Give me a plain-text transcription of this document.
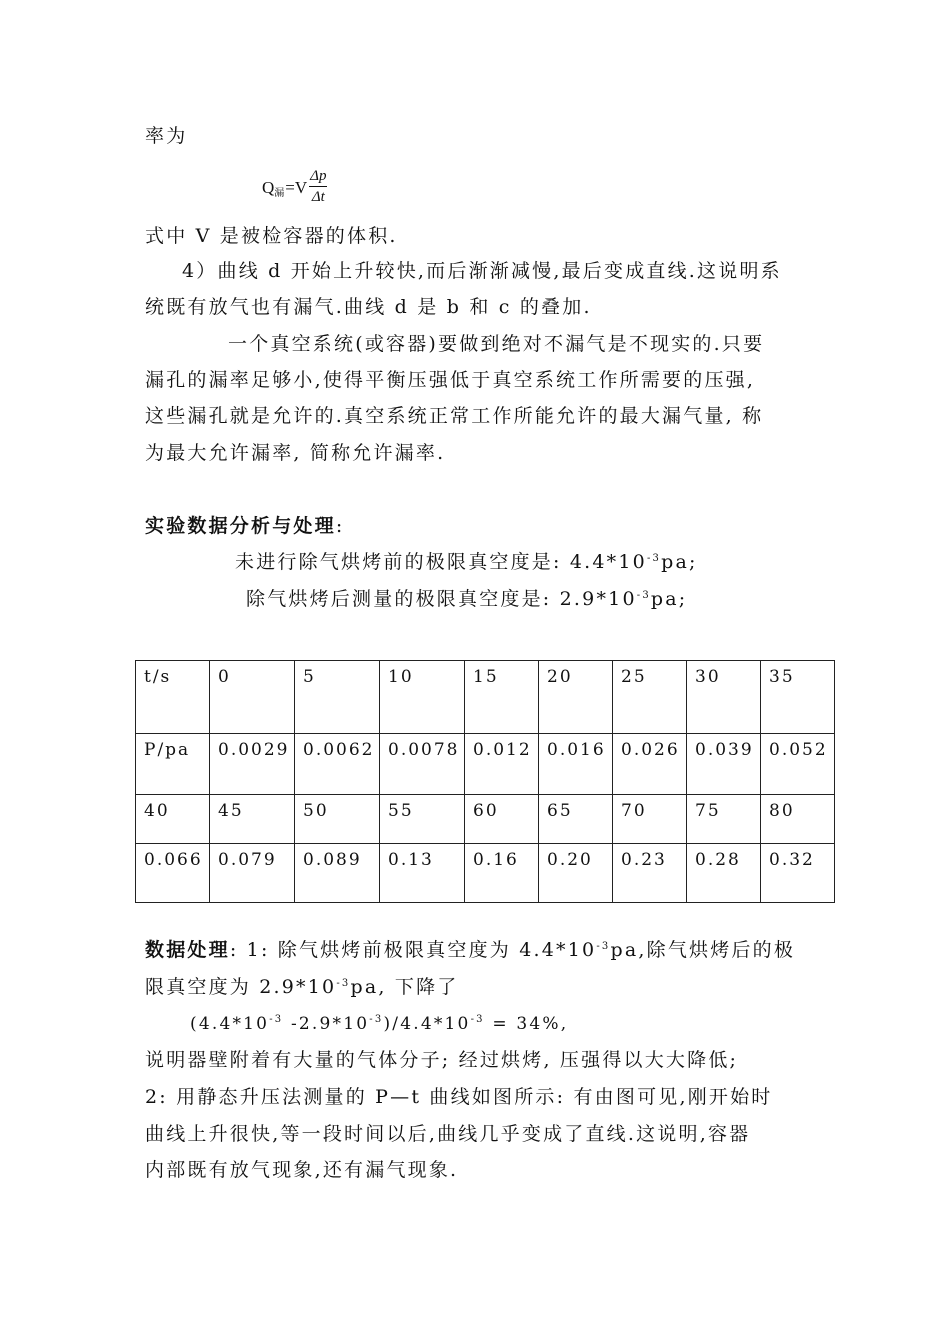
率为
Q 漏 $=V \frac{\Delta p}{\Delta t}$
式中 V 是被检容器的体积.
4）曲线 d 开始上升较快,而后渐渐减慢,最后变成直线.这说明系
统既有放气也有漏气.曲线 d 是 b 和 c 的叠加.
一个真空系统(或容器)要做到绝对不漏气是不现实的.只要
漏孔的漏率足够小,使得平衡压强低于真空系统工作所需要的压强,
这些漏孔就是允许的.真空系统正常工作所能允许的最大漏气量, 称
为最大允许漏率, 简称允许漏率.
实验数据分析与处理:
未进行除气烘烤前的极限真空度是: $4.4*10^{-3}pa$;
除气烘烤后测量的极限真空度是: $2.9*10^{-3}pa$;
t/s	0	5	10	15	20	25	30	35
P/pa	0.0029	0.0062	0.0078	0.012	0.016	0.026	0.039	0.052
40	45	50	55	60	65	70	75	80
0.066	0.079	0.089	0.13	0.16	0.20	0.23	0.28	0.32
数据处理: 1: 除气烘烤前极限真空度为 $4.4*10^{-3}pa$,除气烘烤后的极
限真空度为 $2.9*10^{-3}pa$, 下降了
($4.4*10^{-3}$ $-2.9*10^{-3})/4.4*10^{-3} = 34\%$,
说明器壁附着有大量的气体分子; 经过烘烤, 压强得以大大降低;
2: 用静态升压法测量的 P—t 曲线如图所示: 有由图可见,刚开始时
曲线上升很快,等一段时间以后,曲线几乎变成了直线.这说明,容器
内部既有放气现象,还有漏气现象.
